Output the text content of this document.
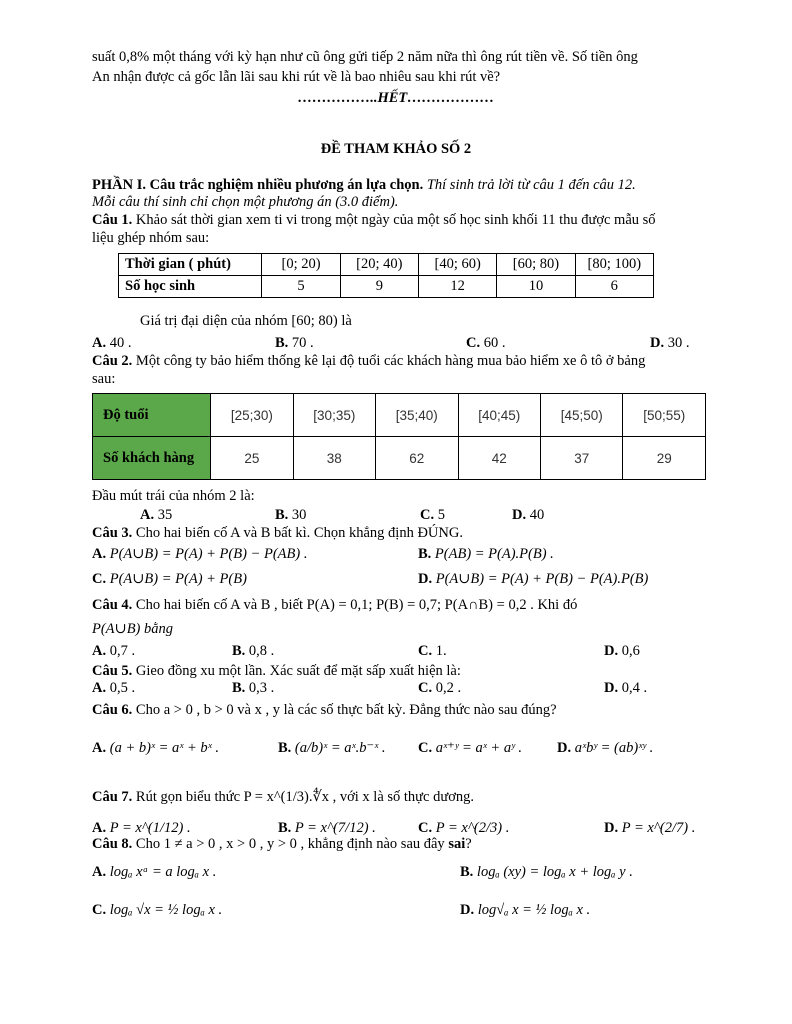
suất 0,8% một tháng với kỳ hạn như cũ ông gửi tiếp 2 năm nữa thì ông rút tiền về. Số tiền ông
An nhận được cả gốc lẫn lãi sau khi rút về là bao nhiêu sau khi rút về?
……………..HẾT………………
ĐỀ THAM KHẢO SỐ 2
PHẦN I. Câu trắc nghiệm nhiều phương án lựa chọn. Thí sinh trả lời từ câu 1 đến câu 12.
Mỗi câu thí sinh chỉ chọn một phương án (3.0 điểm).
Câu 1. Khảo sát thời gian xem ti vi trong một ngày của một số học sinh khối 11 thu được mẫu số
liệu ghép nhóm sau:
Thời gian ( phút)	[0; 20)	[20; 40)	[40; 60)	[60; 80)	[80; 100)
Số học sinh	5	9	12	10	6
Giá trị đại diện của nhóm [60; 80) là
A. 40 .	B. 70 .	C. 60 .	D. 30 .
Câu 2. Một công ty bảo hiểm thống kê lại độ tuổi các khách hàng mua bảo hiểm xe ô tô ở bảng
sau:
Độ tuổi	[25;30)	[30;35)	[35;40)	[40;45)	[45;50)	[50;55)
Số khách hàng	25	38	62	42	37	29
Đầu mút trái của nhóm 2 là:
A. 35	B. 30	C. 5	D. 40
Câu 3. Cho hai biến cố A và B bất kì. Chọn khẳng định ĐÚNG.
A. P(A∪B) = P(A) + P(B) − P(AB) .	B. P(AB) = P(A).P(B) .
C. P(A∪B) = P(A) + P(B)	D. P(A∪B) = P(A) + P(B) − P(A).P(B)
Câu 4. Cho hai biến cố A và B , biết P(A) = 0,1; P(B) = 0,7; P(A∩B) = 0,2 . Khi đó
P(A∪B) bằng
A. 0,7 .	B. 0,8 .	C. 1.	D. 0,6
Câu 5. Gieo đồng xu một lần. Xác suất để mặt sấp xuất hiện là:
A. 0,5 .	B. 0,3 .	C. 0,2 .	D. 0,4 .
Câu 6. Cho a > 0 , b > 0 và x , y là các số thực bất kỳ. Đẳng thức nào sau đúng?
A. (a + b)ˣ = aˣ + bˣ .	B. (a/b)ˣ = aˣ.b⁻ˣ . C. aˣ⁺ʸ = aˣ + aʸ . D. aˣbʸ = (ab)ˣʸ .
Câu 7. Rút gọn biểu thức P = x^(1/3).∜x , với x là số thực dương.
A. P = x^(1/12) .	B. P = x^(7/12) .	C. P = x^(2/3) .	D. P = x^(2/7) .
Câu 8. Cho 1 ≠ a > 0 , x > 0 , y > 0 , khẳng định nào sau đây sai?
A. logₐ xᵃ = a logₐ x .	B. logₐ (xy) = logₐ x + logₐ y .
C. logₐ √x = ½ logₐ x .	D. log√ₐ x = ½ logₐ x .
